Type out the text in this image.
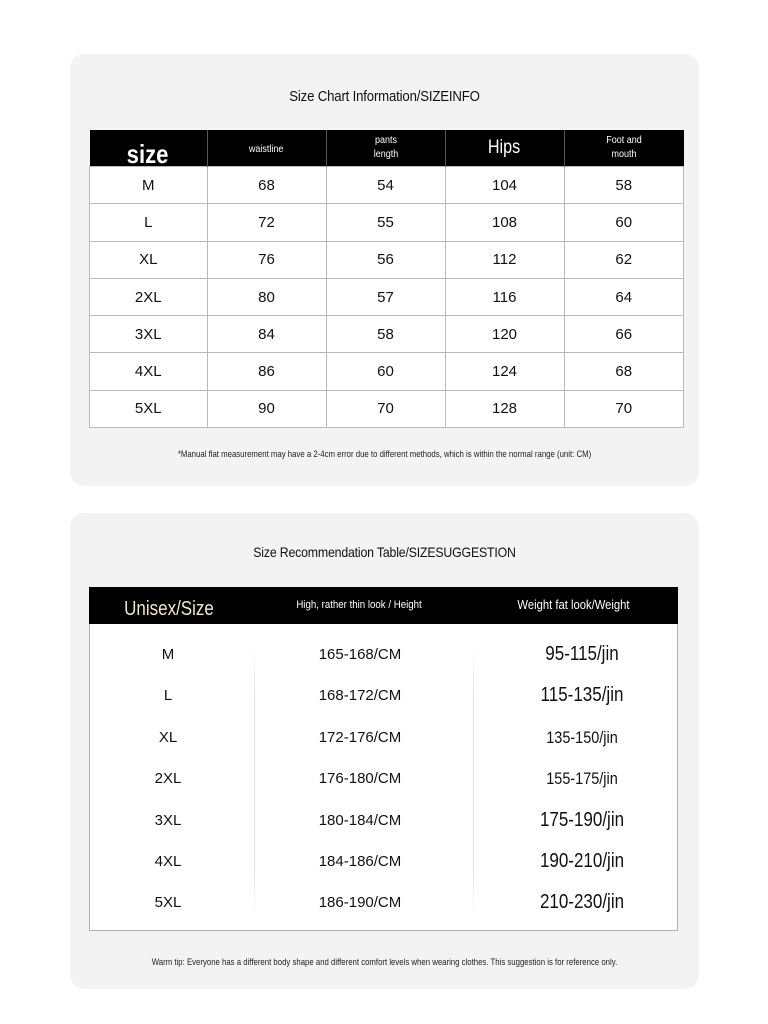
Size Chart Information/SIZEINFO
size	waistline	pants length	Hips	Foot and mouth
M	68	54	104	58
L	72	55	108	60
XL	76	56	112	62
2XL	80	57	116	64
3XL	84	58	120	66
4XL	86	60	124	68
5XL	90	70	128	70
*Manual flat measurement may have a 2-4cm error due to different methods, which is within the normal range (unit: CM)
Size Recommendation Table/SIZESUGGESTION
Unisex/Size	High, rather thin look / Height	Weight fat look/Weight
M	165-168/CM	95-115/jin
L	168-172/CM	115-135/jin
XL	172-176/CM	135-150/jin
2XL	176-180/CM	155-175/jin
3XL	180-184/CM	175-190/jin
4XL	184-186/CM	190-210/jin
5XL	186-190/CM	210-230/jin
Warm tip: Everyone has a different body shape and different comfort levels when wearing clothes. This suggestion is for reference only.
